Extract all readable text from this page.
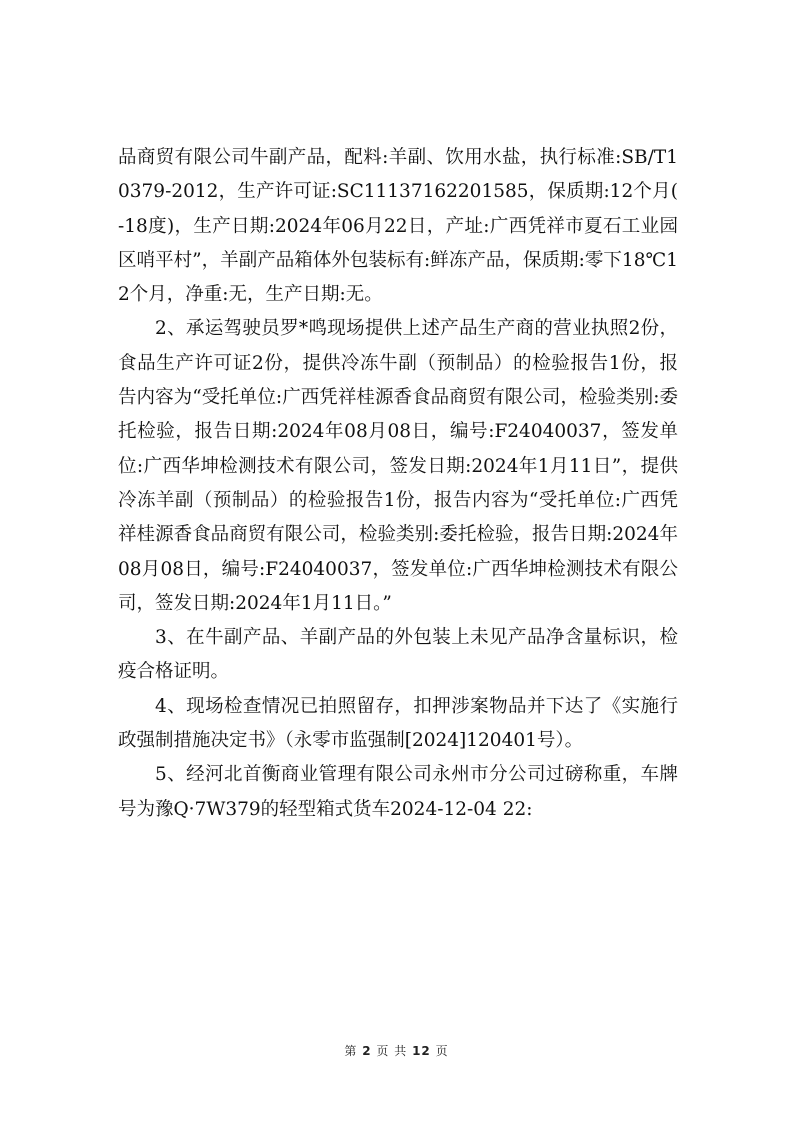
品商贸有限公司牛副产品，配料:羊副、饮用水盐，执行标准:SB/T10379-2012，生产许可证:SC11137162201585，保质期:12个月(-18度)，生产日期:2024年06月22日，产址:广西凭祥市夏石工业园区哨平村”，羊副产品箱体外包装标有:鲜冻产品，保质期:零下18℃12个月，净重:无，生产日期:无。

2、承运驾驶员罗*鸣现场提供上述产品生产商的营业执照2份，食品生产许可证2份，提供冷冻牛副（预制品）的检验报告1份，报告内容为“受托单位:广西凭祥桂源香食品商贸有限公司，检验类别:委托检验，报告日期:2024年08月08日，编号:F24040037，签发单位:广西华坤检测技术有限公司，签发日期:2024年1月11日”，提供冷冻羊副（预制品）的检验报告1份，报告内容为“受托单位:广西凭祥桂源香食品商贸有限公司，检验类别:委托检验，报告日期:2024年08月08日，编号:F24040037，签发单位:广西华坤检测技术有限公司，签发日期:2024年1月11日。”

3、在牛副产品、羊副产品的外包装上未见产品净含量标识，检疫合格证明。

4、现场检查情况已拍照留存，扣押涉案物品并下达了《实施行政强制措施决定书》（永零市监强制[2024]120401号）。

5、经河北首衡商业管理有限公司永州市分公司过磅称重，车牌号为豫Q·7W379的轻型箱式货车2024-12-04 22:

第 2 页 共 12 页
